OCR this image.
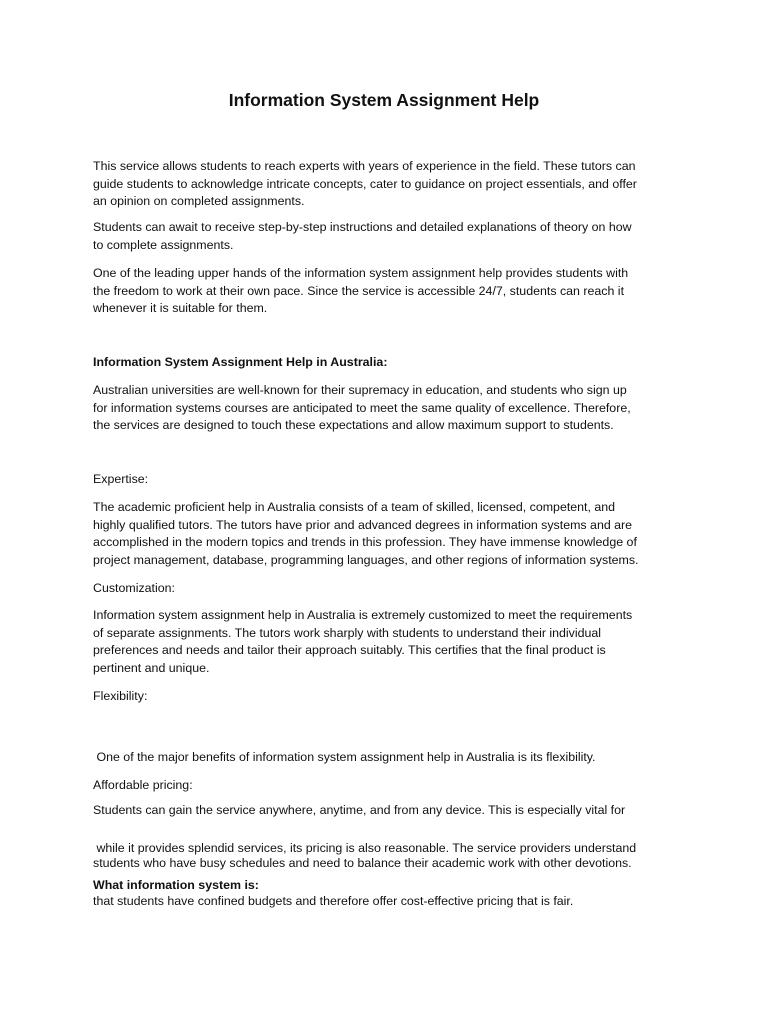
Information System Assignment Help

This service allows students to reach experts with years of experience in the field. These tutors can
guide students to acknowledge intricate concepts, cater to guidance on project essentials, and offer
an opinion on completed assignments.

Students can await to receive step-by-step instructions and detailed explanations of theory on how
to complete assignments.

One of the leading upper hands of the information system assignment help provides students with
the freedom to work at their own pace. Since the service is accessible 24/7, students can reach it
whenever it is suitable for them.

Information System Assignment Help in Australia:

Australian universities are well-known for their supremacy in education, and students who sign up
for information systems courses are anticipated to meet the same quality of excellence. Therefore,
the services are designed to touch these expectations and allow maximum support to students.

Expertise:

The academic proficient help in Australia consists of a team of skilled, licensed, competent, and
highly qualified tutors. The tutors have prior and advanced degrees in information systems and are
accomplished in the modern topics and trends in this profession. They have immense knowledge of
project management, database, programming languages, and other regions of information systems.

Customization:

Information system assignment help in Australia is extremely customized to meet the requirements
of separate assignments. The tutors work sharply with students to understand their individual
preferences and needs and tailor their approach suitably. This certifies that the final product is
pertinent and unique.

Flexibility:

One of the major benefits of information system assignment help in Australia is its flexibility.

Students can gain the service anywhere, anytime, and from any device. This is especially vital for

students who have busy schedules and need to balance their academic work with other devotions.

Affordable pricing:

while it provides splendid services, its pricing is also reasonable. The service providers understand

that students have confined budgets and therefore offer cost-effective pricing that is fair.

What information system is:
